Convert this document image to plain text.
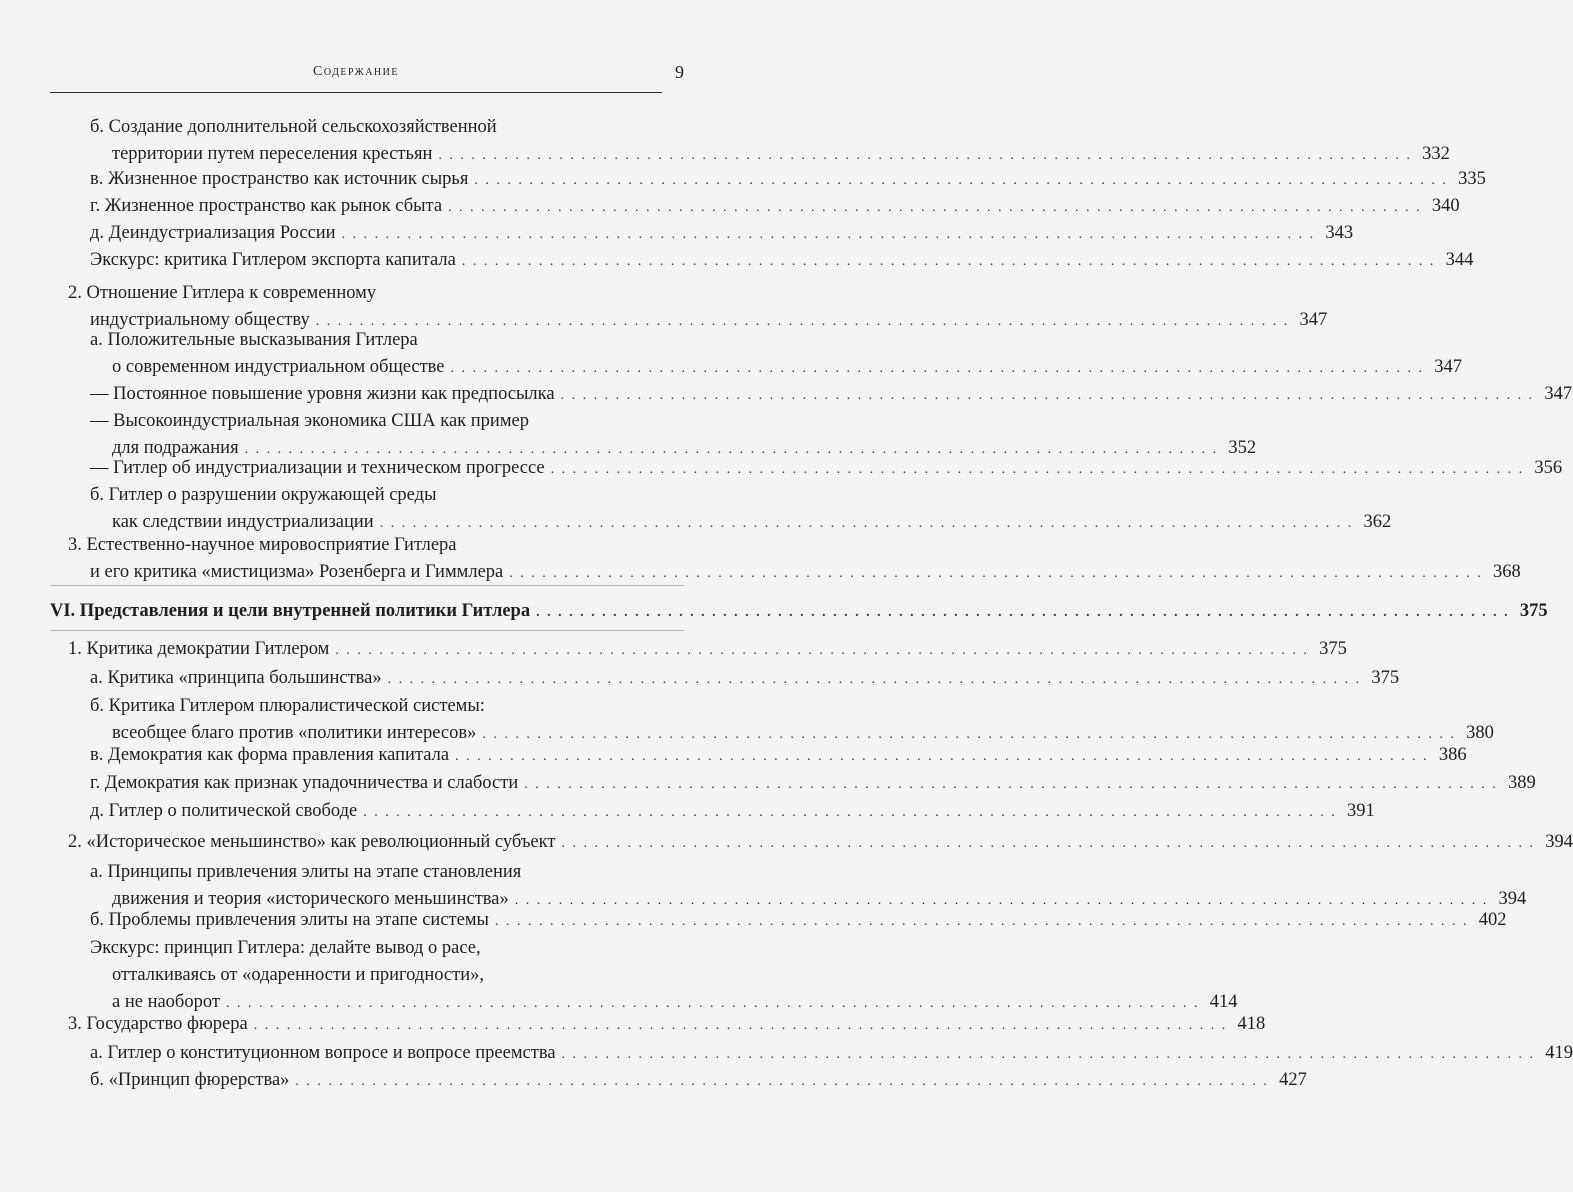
Содержание	9
б. Создание дополнительной сельскохозяйственной
территории путем переселения крестьян . . . . . . . . . . . . . . . . . . . . . . . . . . . . . . . . . . . . . . . . . . . . . . . . . . . . . . . . . . . . . . . . . . . . . . . . . . . . . . . . . . . . . . . . . 332
в. Жизненное пространство как источник сырья . . . . . . . . . . . . . . . . . . . . . . . . . . . . . . . . . . . . . . . . . . . . . . . . . . . . . . . . . . . . . . . . . . . . . . . . . . . . . . . . . . . . . . . . . 335
г. Жизненное пространство как рынок сбыта . . . . . . . . . . . . . . . . . . . . . . . . . . . . . . . . . . . . . . . . . . . . . . . . . . . . . . . . . . . . . . . . . . . . . . . . . . . . . . . . . . . . . . . . . 340
д. Деиндустриализация России . . . . . . . . . . . . . . . . . . . . . . . . . . . . . . . . . . . . . . . . . . . . . . . . . . . . . . . . . . . . . . . . . . . . . . . . . . . . . . . . . . . . . . . . . 343
Экскурс: критика Гитлером экспорта капитала . . . . . . . . . . . . . . . . . . . . . . . . . . . . . . . . . . . . . . . . . . . . . . . . . . . . . . . . . . . . . . . . . . . . . . . . . . . . . . . . . . . . . . . . . 344
2. Отношение Гитлера к современному
индустриальному обществу . . . . . . . . . . . . . . . . . . . . . . . . . . . . . . . . . . . . . . . . . . . . . . . . . . . . . . . . . . . . . . . . . . . . . . . . . . . . . . . . . . . . . . . . . 347
а. Положительные высказывания Гитлера
о современном индустриальном обществе . . . . . . . . . . . . . . . . . . . . . . . . . . . . . . . . . . . . . . . . . . . . . . . . . . . . . . . . . . . . . . . . . . . . . . . . . . . . . . . . . . . . . . . . . 347
— Постоянное повышение уровня жизни как предпосылка . . . . . . . . . . . . . . . . . . . . . . . . . . . . . . . . . . . . . . . . . . . . . . . . . . . . . . . . . . . . . . . . . . . . . . . . . . . . . . . . . . . . . . . . . 347
— Высокоиндустриальная экономика США как пример
для подражания . . . . . . . . . . . . . . . . . . . . . . . . . . . . . . . . . . . . . . . . . . . . . . . . . . . . . . . . . . . . . . . . . . . . . . . . . . . . . . . . . . . . . . . . . 352
— Гитлер об индустриализации и техническом прогрессе . . . . . . . . . . . . . . . . . . . . . . . . . . . . . . . . . . . . . . . . . . . . . . . . . . . . . . . . . . . . . . . . . . . . . . . . . . . . . . . . . . . . . . . . . 356
б. Гитлер о разрушении окружающей среды
как следствии индустриализации . . . . . . . . . . . . . . . . . . . . . . . . . . . . . . . . . . . . . . . . . . . . . . . . . . . . . . . . . . . . . . . . . . . . . . . . . . . . . . . . . . . . . . . . . 362
3. Естественно-научное мировосприятие Гитлера
и его критика «мистицизма» Розенберга и Гиммлера . . . . . . . . . . . . . . . . . . . . . . . . . . . . . . . . . . . . . . . . . . . . . . . . . . . . . . . . . . . . . . . . . . . . . . . . . . . . . . . . . . . . . . . . . 368
VI. Представления и цели внутренней политики Гитлера . . . . . . . . . . . . . . . . . . . . . . . . . . . . . . . . . . . . . . . . . . . . . . . . . . . . . . . . . . . . . . . . . . . . . . . . . . . . . . . . . . . . . . . . . 375
1. Критика демократии Гитлером . . . . . . . . . . . . . . . . . . . . . . . . . . . . . . . . . . . . . . . . . . . . . . . . . . . . . . . . . . . . . . . . . . . . . . . . . . . . . . . . . . . . . . . . . 375
а. Критика «принципа большинства» . . . . . . . . . . . . . . . . . . . . . . . . . . . . . . . . . . . . . . . . . . . . . . . . . . . . . . . . . . . . . . . . . . . . . . . . . . . . . . . . . . . . . . . . . 375
б. Критика Гитлером плюралистической системы:
всеобщее благо против «политики интересов» . . . . . . . . . . . . . . . . . . . . . . . . . . . . . . . . . . . . . . . . . . . . . . . . . . . . . . . . . . . . . . . . . . . . . . . . . . . . . . . . . . . . . . . . . 380
в. Демократия как форма правления капитала . . . . . . . . . . . . . . . . . . . . . . . . . . . . . . . . . . . . . . . . . . . . . . . . . . . . . . . . . . . . . . . . . . . . . . . . . . . . . . . . . . . . . . . . . 386
г. Демократия как признак упадочничества и слабости . . . . . . . . . . . . . . . . . . . . . . . . . . . . . . . . . . . . . . . . . . . . . . . . . . . . . . . . . . . . . . . . . . . . . . . . . . . . . . . . . . . . . . . . . 389
д. Гитлер о политической свободе . . . . . . . . . . . . . . . . . . . . . . . . . . . . . . . . . . . . . . . . . . . . . . . . . . . . . . . . . . . . . . . . . . . . . . . . . . . . . . . . . . . . . . . . . 391
2. «Историческое меньшинство» как революционный субъект . . . . . . . . . . . . . . . . . . . . . . . . . . . . . . . . . . . . . . . . . . . . . . . . . . . . . . . . . . . . . . . . . . . . . . . . . . . . . . . . . . . . . . . . . 394
а. Принципы привлечения элиты на этапе становления
движения и теория «исторического меньшинства» . . . . . . . . . . . . . . . . . . . . . . . . . . . . . . . . . . . . . . . . . . . . . . . . . . . . . . . . . . . . . . . . . . . . . . . . . . . . . . . . . . . . . . . . . 394
б. Проблемы привлечения элиты на этапе системы . . . . . . . . . . . . . . . . . . . . . . . . . . . . . . . . . . . . . . . . . . . . . . . . . . . . . . . . . . . . . . . . . . . . . . . . . . . . . . . . . . . . . . . . . 402
Экскурс: принцип Гитлера: делайте вывод о расе,
отталкиваясь от «одаренности и пригодности»,
а не наоборот . . . . . . . . . . . . . . . . . . . . . . . . . . . . . . . . . . . . . . . . . . . . . . . . . . . . . . . . . . . . . . . . . . . . . . . . . . . . . . . . . . . . . . . . . 414
3. Государство фюрера . . . . . . . . . . . . . . . . . . . . . . . . . . . . . . . . . . . . . . . . . . . . . . . . . . . . . . . . . . . . . . . . . . . . . . . . . . . . . . . . . . . . . . . . . 418
а. Гитлер о конституционном вопросе и вопросе преемства . . . . . . . . . . . . . . . . . . . . . . . . . . . . . . . . . . . . . . . . . . . . . . . . . . . . . . . . . . . . . . . . . . . . . . . . . . . . . . . . . . . . . . . . . 419
б. «Принцип фюрерства» . . . . . . . . . . . . . . . . . . . . . . . . . . . . . . . . . . . . . . . . . . . . . . . . . . . . . . . . . . . . . . . . . . . . . . . . . . . . . . . . . . . . . . . . . 427
